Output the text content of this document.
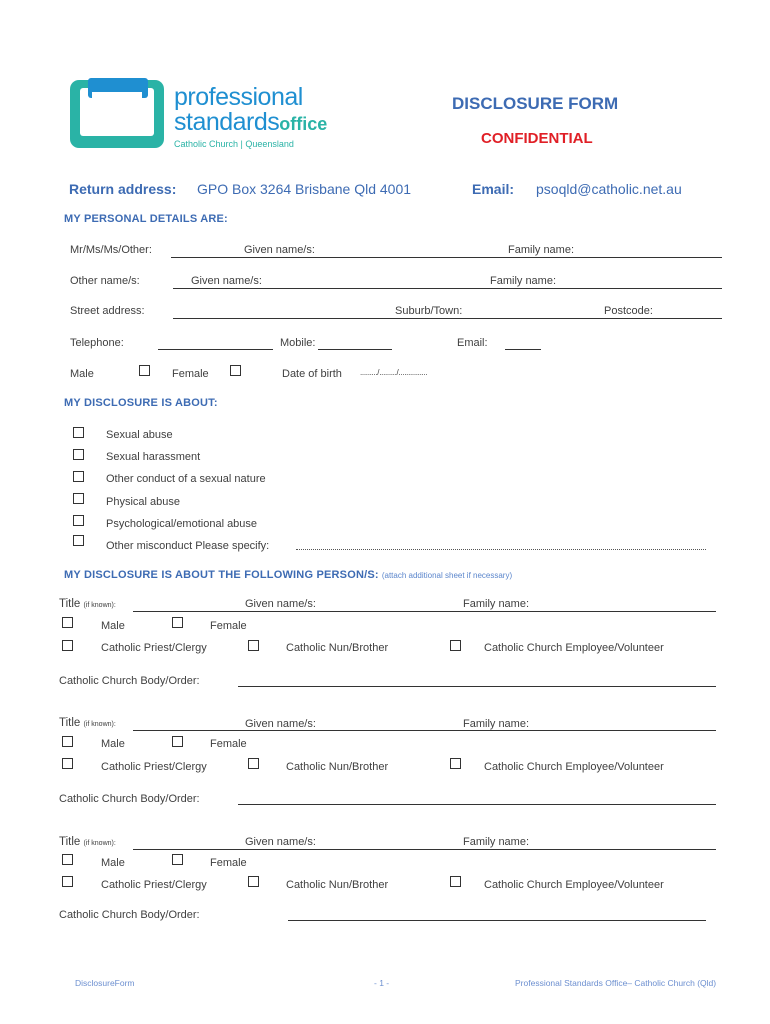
professional
standardsoffice
Catholic Church | Queensland
DISCLOSURE FORM
CONFIDENTIAL
Return address: GPO Box 3264 Brisbane Qld 4001	Email: psoqld@catholic.net.au
MY PERSONAL DETAILS ARE:
Mr/Ms/Ms/Other:	Given name/s:	Family name:
Other name/s:	Given name/s:	Family name:
Street address:	Suburb/Town:	Postcode:
Telephone:	Mobile:	Email:
Male	Female	Date of birth ........./........./...............
MY DISCLOSURE IS ABOUT:
Sexual abuse
Sexual harassment
Other conduct of a sexual nature
Physical abuse
Psychological/emotional abuse
Other misconduct Please specify:
MY DISCLOSURE IS ABOUT THE FOLLOWING PERSON/S: (attach additional sheet if necessary)
Title (if known):	Given name/s:	Family name:
Male	Female
Catholic Priest/Clergy	Catholic Nun/Brother	Catholic Church Employee/Volunteer
Catholic Church Body/Order:
Title (if known):	Given name/s:	Family name:
Male	Female
Catholic Priest/Clergy	Catholic Nun/Brother	Catholic Church Employee/Volunteer
Catholic Church Body/Order:
Title (if known):	Given name/s:	Family name:
Male	Female
Catholic Priest/Clergy	Catholic Nun/Brother	Catholic Church Employee/Volunteer
Catholic Church Body/Order:
DisclosureForm	- 1 -	Professional Standards Office– Catholic Church (Qld)
